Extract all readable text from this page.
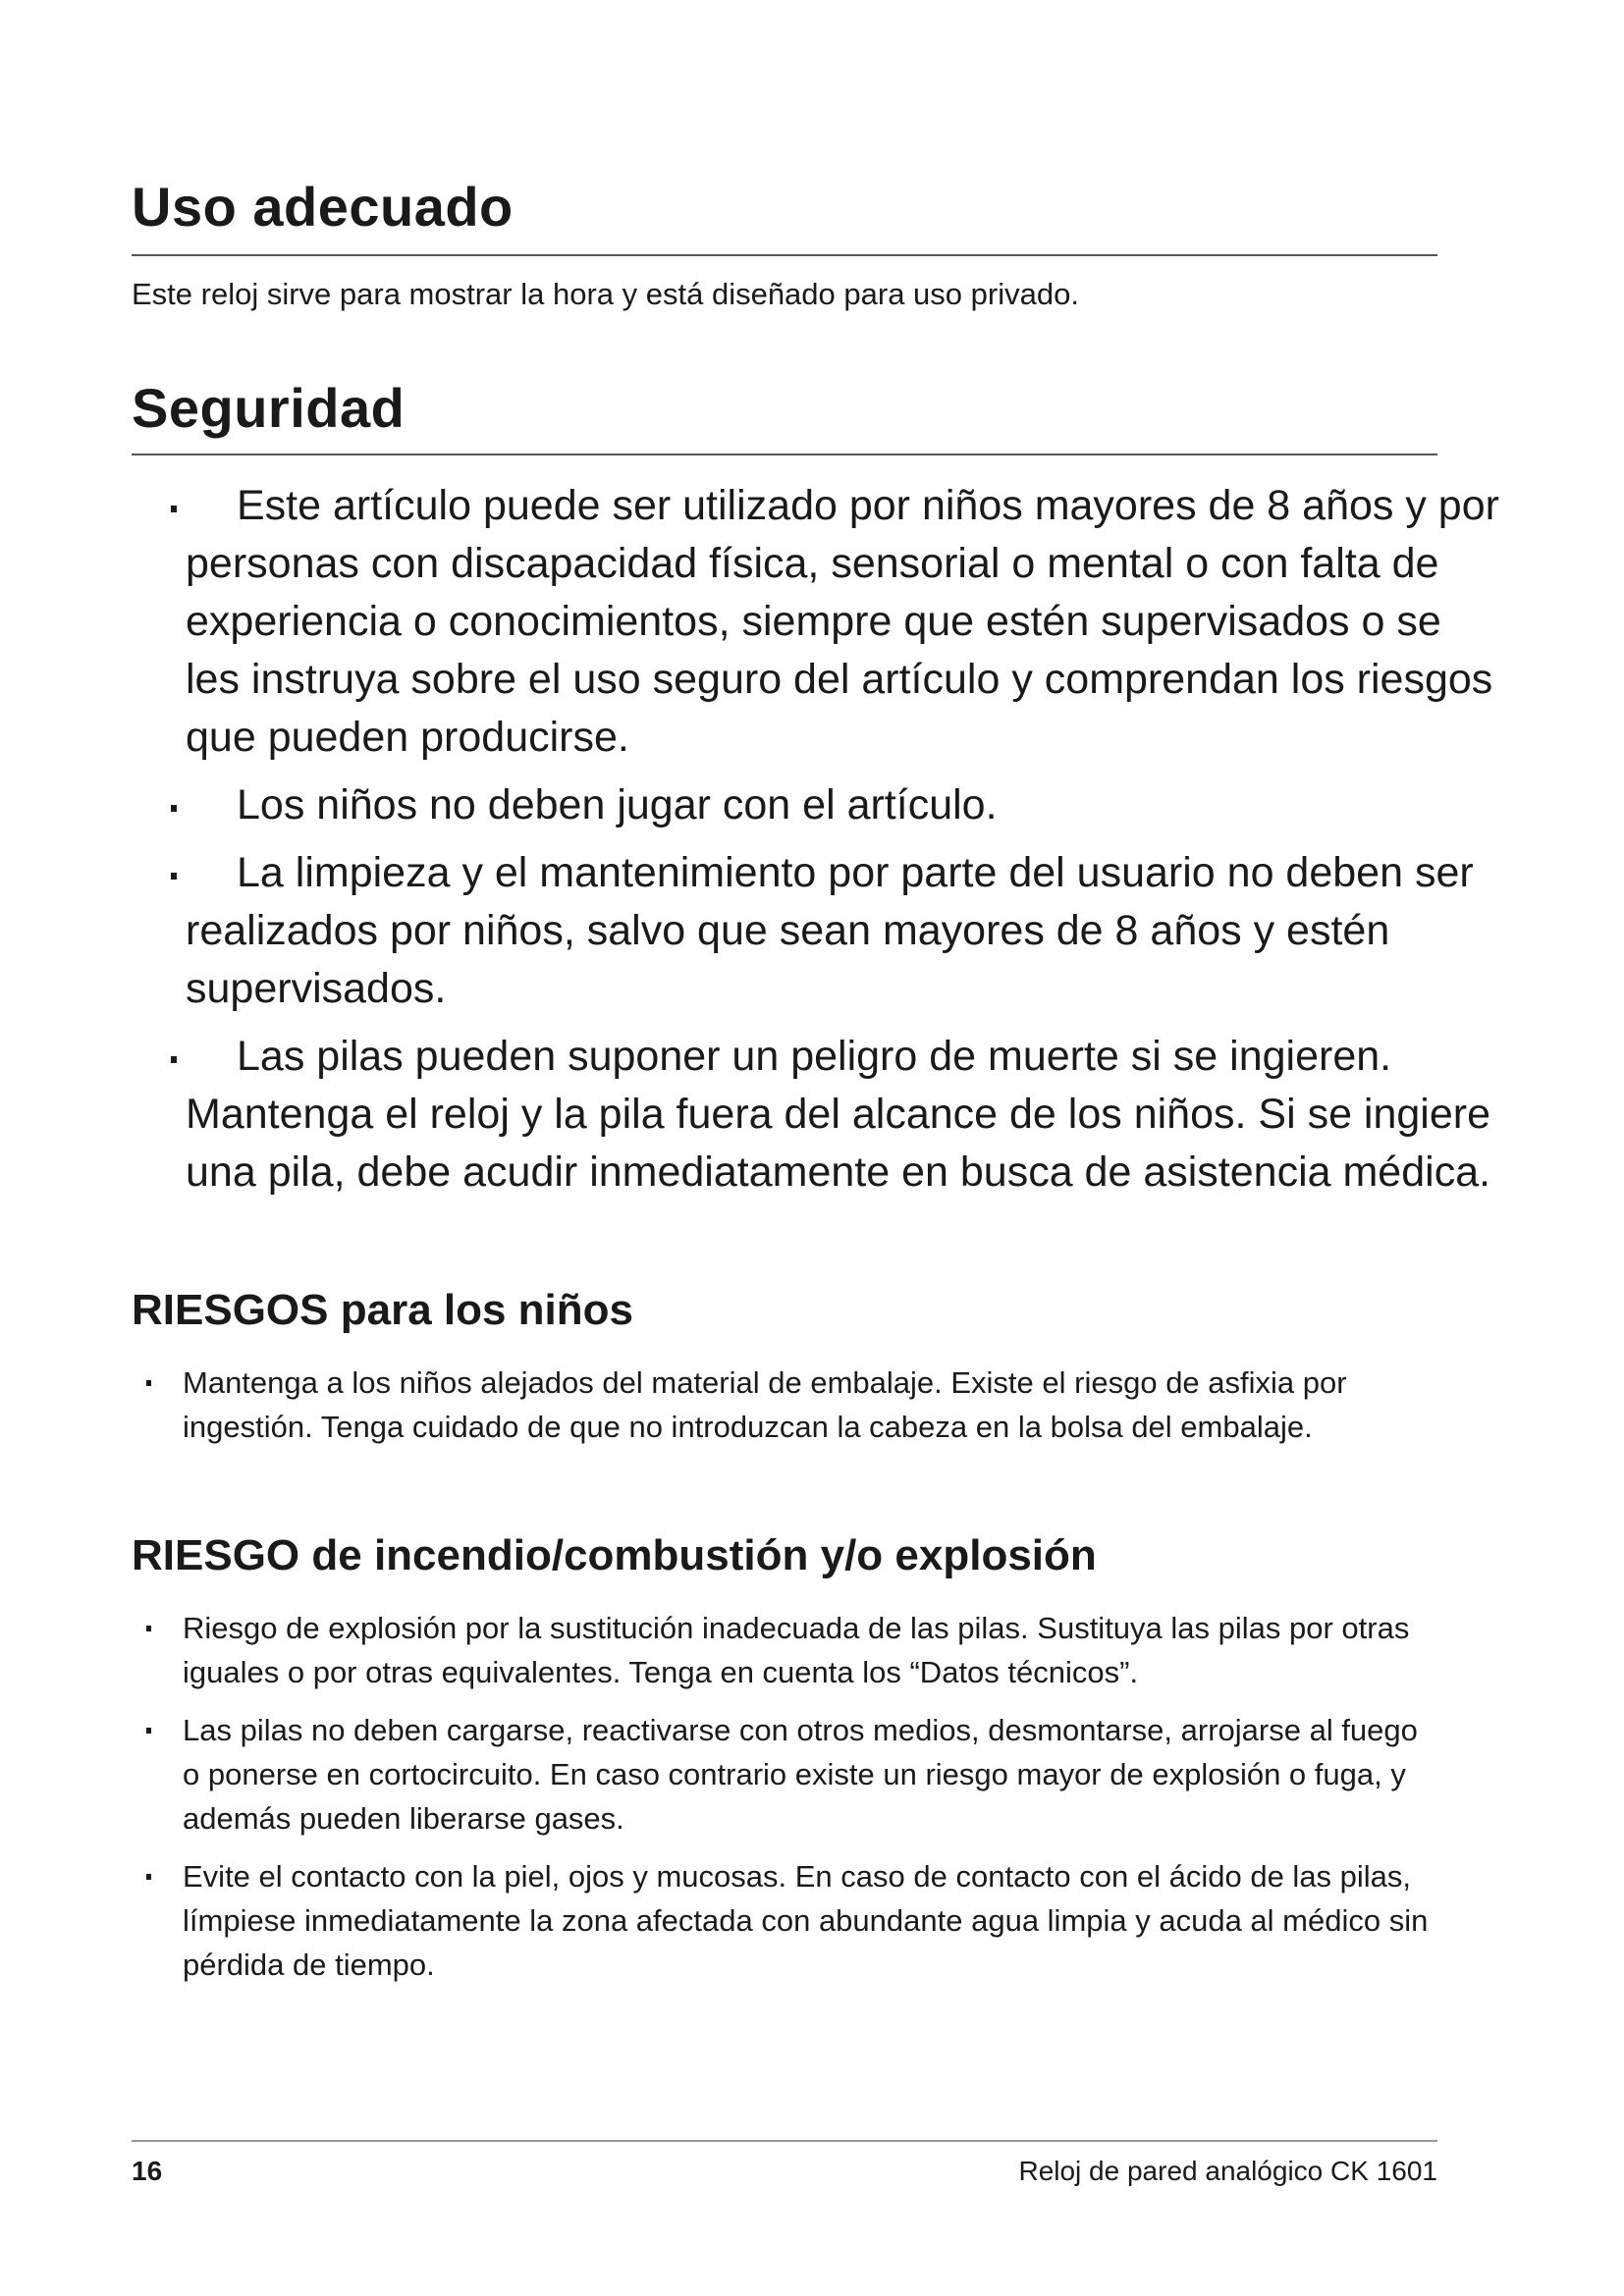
Uso adecuado

Este reloj sirve para mostrar la hora y está diseñado para uso privado.

Seguridad
Este artículo puede ser utilizado por niños mayores de 8 años y por personas con discapacidad física, sensorial o mental o con falta de experiencia o conocimientos, siempre que estén supervisados o se les instruya sobre el uso seguro del artículo y comprendan los riesgos que pueden producirse.
Los niños no deben jugar con el artículo.
La limpieza y el mantenimiento por parte del usuario no deben ser realizados por niños, salvo que sean mayores de 8 años y estén supervisados.
Las pilas pueden suponer un peligro de muerte si se ingieren. Mantenga el reloj y la pila fuera del alcance de los niños. Si se ingiere una pila, debe acudir inmediatamente en busca de asistencia médica.
RIESGOS para los niños
Mantenga a los niños alejados del material de embalaje. Existe el riesgo de asfixia por ingestión. Tenga cuidado de que no introduzcan la cabeza en la bolsa del embalaje.
RIESGO de incendio/combustión y/o explosión
Riesgo de explosión por la sustitución inadecuada de las pilas. Sustituya las pilas por otras iguales o por otras equivalentes. Tenga en cuenta los “Datos técnicos”.
Las pilas no deben cargarse, reactivarse con otros medios, desmontarse, arrojarse al fuego o ponerse en cortocircuito. En caso contrario existe un riesgo mayor de explosión o fuga, y además pueden liberarse gases.
Evite el contacto con la piel, ojos y mucosas. En caso de contacto con el ácido de las pilas, límpiese inmediatamente la zona afectada con abundante agua limpia y acuda al médico sin pérdida de tiempo.
16	Reloj de pared analógico CK 1601
